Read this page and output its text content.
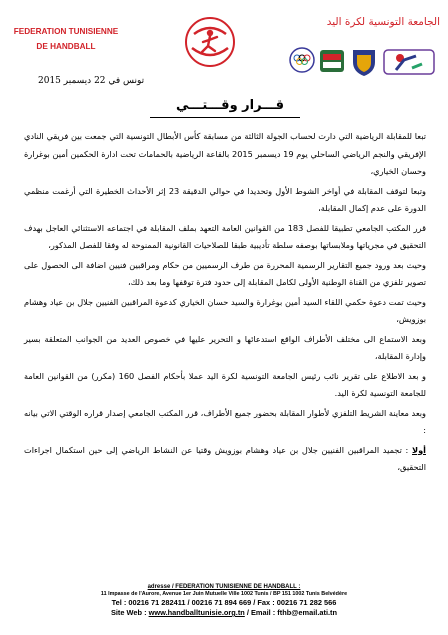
FEDERATION TUNISIENNE
DE HANDBALL
الجامعة التونسية لكرة اليد
تونس في 22 ديسمبر 2015
قـــرار وقـــتـــي

تبعا للمقابلة الرياضية التي دارت لحساب الجولة الثالثة من مسابقة كأس الأبطال التونسية التي جمعت بين فريقي النادي الإفريقي والنجم الرياضي الساحلي يوم 19 ديسمبر 2015 بالقاعة الرياضية بالحمامات تحت ادارة الحكمين أمين بوغرارة وحسان الخياري،

وتبعا لتوقف المقابلة في أواخر الشوط الأول وتحديدا في حوالي الدقيقة 23 إثر الأحداث الخطيرة التي أرغمت منظمي الدورة على عدم إكمال المقابلة،

قرر المكتب الجامعي تطبيقا للفصل 183 من القوانين العامة التعهد بملف المقابلة في اجتماعه الاستثنائي العاجل بهدف التحقيق في مجرياتها وملابساتها بوصفه سلطة تأديبية طبقا للصلاحيات القانونية الممنوحة له وفقا للفصل المذكور،

وحيث بعد ورود جميع التقارير الرسمية المحررة من طرف الرسميين من حكام ومراقبين فنيين اضافة الى الحصول على تصوير تلفزي من القناة الوطنية الأولى لكامل المقابلة إلى حدود فترة توقفها وما بعد ذلك،

وحيث تمت دعوة حكمي اللقاء السيد أمين بوغرارة والسيد حسان الخياري كدعوة المراقبين الفنيين جلال بن عياد وهشام بوزويش،

وبعد الاستماع الى مختلف الأطراف الواقع استدعائها و التحرير عليها في خصوص العديد من الجوانب المتعلقة بسير وإدارة المقابلة،

و بعد الاطلاع على تقرير نائب رئيس الجامعة التونسية لكرة اليد عملا بأحكام الفصل 160 (مكرر) من القوانين العامة للجامعة التونسية لكرة اليد.

وبعد معاينة الشريط التلفزي لأطوار المقابلة بحضور جميع الأطراف، قرر المكتب الجامعي إصدار قراره الوقتي الاتي بيانه :

أولا : تجميد المراقبين الفنيين جلال بن عياد وهشام بوزويش وقتيا عن النشاط الرياضي إلى حين استكمال اجراءات التحقيق،

adresse / FEDERATION TUNISIENNE DE HANDBALL :
11 Impasse de l'Aurore, Avenue 1er Juin Mutuelle Ville 1002 Tunis / BP 151 1002 Tunis Belvédère
Tel : 00216 71 282411 / 00216 71 894 669 / Fax : 00216 71 282 566
Site Web : www.handballtunisie.org.tn / Email : fthb@email.ati.tn
